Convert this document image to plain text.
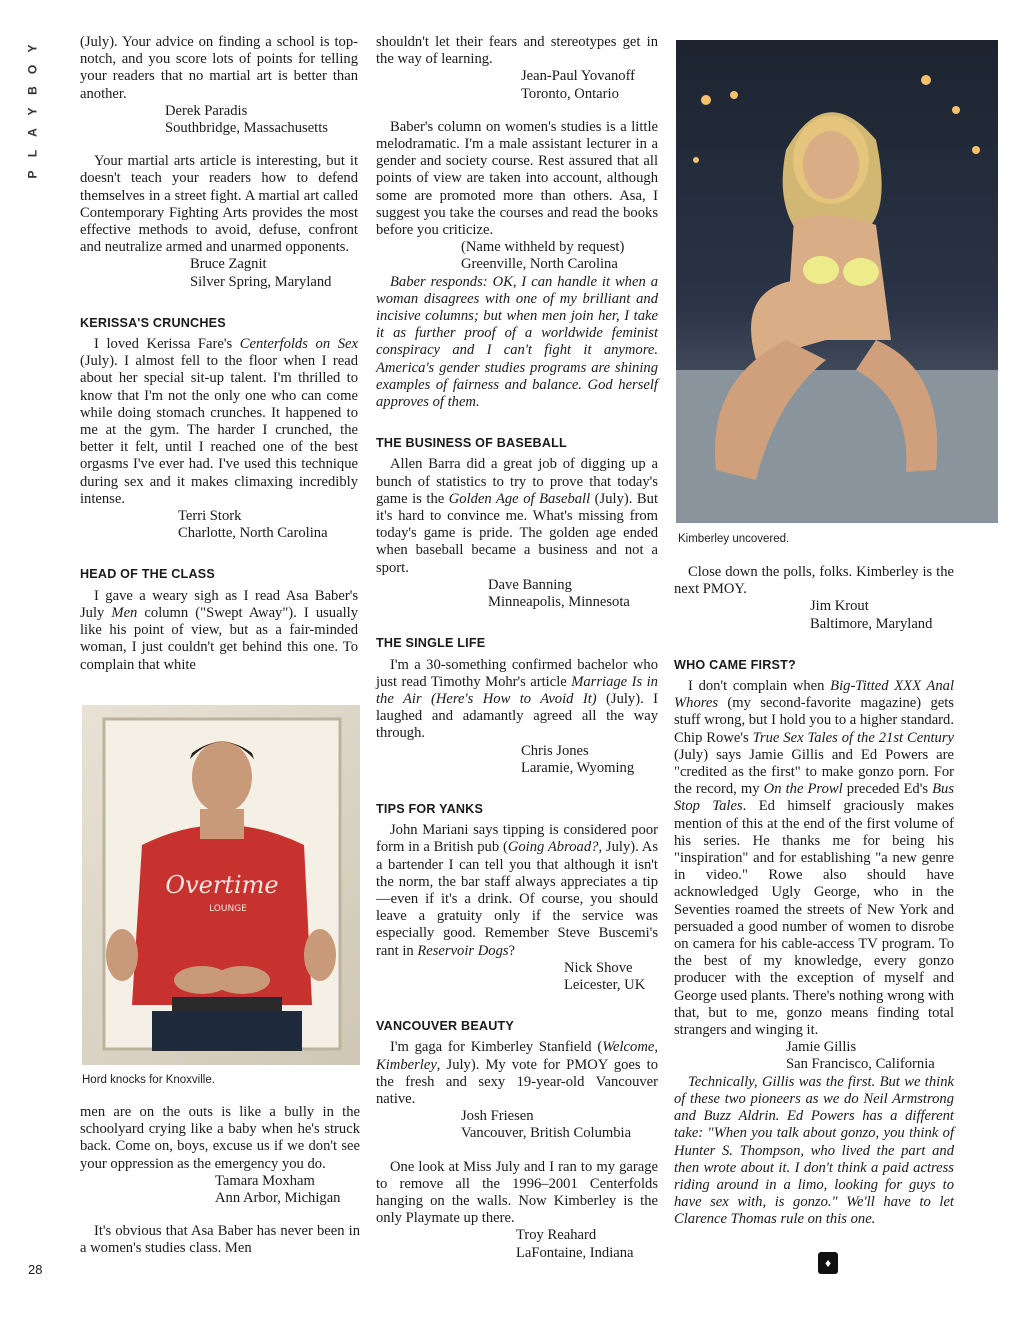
Y
O
B
Y
A
L
P

(July). Your advice on finding a school is top-notch, and you score lots of points for telling your readers that no martial art is better than another.

Derek Paradis
Southbridge, Massachusetts

Your martial arts article is interesting, but it doesn't teach your readers how to defend themselves in a street fight. A martial art called Contemporary Fighting Arts provides the most effective methods to avoid, defuse, confront and neutralize armed and unarmed opponents.

Bruce Zagnit
Silver Spring, Maryland
KERISSA'S CRUNCHES

I loved Kerissa Fare's Centerfolds on Sex (July). I almost fell to the floor when I read about her special sit-up talent. I'm thrilled to know that I'm not the only one who can come while doing stomach crunches. It happened to me at the gym. The harder I crunched, the better it felt, until I reached one of the best orgasms I've ever had. I've used this technique during sex and it makes climaxing incredibly intense.

Terri Stork
Charlotte, North Carolina
HEAD OF THE CLASS

I gave a weary sigh as I read Asa Baber's July Men column ("Swept Away"). I usually like his point of view, but as a fair-minded woman, I just couldn't get behind this one. To complain that white

Overtime
LOUNGE
Hord knocks for Knoxville.

men are on the outs is like a bully in the schoolyard crying like a baby when he's struck back. Come on, boys, excuse us if we don't see your oppression as the emergency you do.

Tamara Moxham
Ann Arbor, Michigan

It's obvious that Asa Baber has never been in a women's studies class. Men

28

shouldn't let their fears and stereotypes get in the way of learning.

Jean-Paul Yovanoff
Toronto, Ontario

Baber's column on women's studies is a little melodramatic. I'm a male assistant lecturer in a gender and society course. Rest assured that all points of view are taken into account, although some are promoted more than others. Asa, I suggest you take the courses and read the books before you criticize.

(Name withheld by request)
Greenville, North Carolina

Baber responds: OK, I can handle it when a woman disagrees with one of my brilliant and incisive columns; but when men join her, I take it as further proof of a worldwide feminist conspiracy and I can't fight it anymore. America's gender studies programs are shining examples of fairness and balance. God herself approves of them.

THE BUSINESS OF BASEBALL

Allen Barra did a great job of digging up a bunch of statistics to try to prove that today's game is the Golden Age of Baseball (July). But it's hard to convince me. What's missing from today's game is pride. The golden age ended when baseball became a business and not a sport.

Dave Banning
Minneapolis, Minnesota
THE SINGLE LIFE

I'm a 30-something confirmed bachelor who just read Timothy Mohr's article Marriage Is in the Air (Here's How to Avoid It) (July). I laughed and adamantly agreed all the way through.

Chris Jones
Laramie, Wyoming
TIPS FOR YANKS

John Mariani says tipping is considered poor form in a British pub (Going Abroad?, July). As a bartender I can tell you that although it isn't the norm, the bar staff always appreciates a tip—even if it's a drink. Of course, you should leave a gratuity only if the service was especially good. Remember Steve Buscemi's rant in Reservoir Dogs?

Nick Shove
Leicester, UK
VANCOUVER BEAUTY

I'm gaga for Kimberley Stanfield (Welcome, Kimberley, July). My vote for PMOY goes to the fresh and sexy 19-year-old Vancouver native.

Josh Friesen
Vancouver, British Columbia

One look at Miss July and I ran to my garage to remove all the 1996–2001 Centerfolds hanging on the walls. Now Kimberley is the only Playmate up there.

Troy Reahard
LaFontaine, Indiana
Kimberley uncovered.

Close down the polls, folks. Kimberley is the next PMOY.

Jim Krout
Baltimore, Maryland
WHO CAME FIRST?

I don't complain when Big-Titted XXX Anal Whores (my second-favorite magazine) gets stuff wrong, but I hold you to a higher standard. Chip Rowe's True Sex Tales of the 21st Century (July) says Jamie Gillis and Ed Powers are "credited as the first" to make gonzo porn. For the record, my On the Prowl preceded Ed's Bus Stop Tales. Ed himself graciously makes mention of this at the end of the first volume of his series. He thanks me for being his "inspiration" and for establishing "a new genre in video." Rowe also should have acknowledged Ugly George, who in the Seventies roamed the streets of New York and persuaded a good number of women to disrobe on camera for his cable-access TV program. To the best of my knowledge, every gonzo producer with the exception of myself and George used plants. There's nothing wrong with that, but to me, gonzo means finding total strangers and winging it.

Jamie Gillis
San Francisco, California

Technically, Gillis was the first. But we think of these two pioneers as we do Neil Armstrong and Buzz Aldrin. Ed Powers has a different take: "When you talk about gonzo, you think of Hunter S. Thompson, who lived the part and then wrote about it. I don't think a paid actress riding around in a limo, looking for guys to have sex with, is gonzo." We'll have to let Clarence Thomas rule on this one.

♦
